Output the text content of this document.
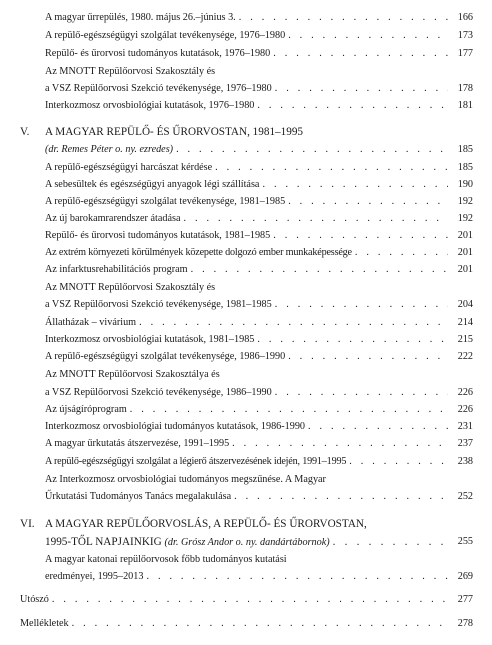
A magyar űrrepülés, 1980. május 26.–június 3. . . .	166
A repülő-egészségügyi szolgálat tevékenysége, 1976–1980 . . .	173
Repülő- és űrorvosi tudományos kutatások, 1976–1980 . . .	177
Az MNOTT Repülőorvosi Szakosztály és
a VSZ Repülőorvosi Szekció tevékenysége, 1976–1980 . . .	178
Interkozmosz orvosbiológiai kutatások, 1976–1980 . . .	181
V. A MAGYAR REPÜLŐ- ÉS ŰRORVOSTAN, 1981–1995
(dr. Remes Péter o. ny. ezredes) . . .	185
A repülő-egészségügyi harcászat kérdése . . .	185
A sebesültek és egészségügyi anyagok légi szállítása . . .	190
A repülő-egészségügyi szolgálat tevékenysége, 1981–1985 . . .	192
Az új barokamrarendszer átadása . . .	192
Repülő- és űrorvosi tudományos kutatások, 1981–1985 . . .	201
Az extrém környezeti körülmények közepette dolgozó ember munkaképessége . . .	201
Az infarktusrehabilitációs program . . .	201
Az MNOTT Repülőorvosi Szakosztály és
a VSZ Repülőorvosi Szekció tevékenysége, 1981–1985 . . .	204
Állatházak – vivárium . . .	214
Interkozmosz orvosbiológiai kutatások, 1981–1985 . . .	215
A repülő-egészségügyi szolgálat tevékenysége, 1986–1990 . . .	222
Az MNOTT Repülőorvosi Szakosztálya és
a VSZ Repülőorvosi Szekció tevékenysége, 1986–1990 . . .	226
Az újságíróprogram . . .	226
Interkozmosz orvosbiológiai tudományos kutatások, 1986-1990 . . .	231
A magyar űrkutatás átszervezése, 1991–1995 . . .	237
A repülő-egészségügyi szolgálat a légierő átszervezésének idején, 1991–1995 . . .	238
Az Interkozmosz orvosbiológiai tudományos megszűnése. A Magyar
Űrkutatási Tudományos Tanács megalakulása . . .	252
VI. A MAGYAR REPÜLŐORVOSLÁS, A REPÜLŐ- ÉS ŰRORVOSTAN,
1995-TŐL NAPJAINKIG (dr. Grósz Andor o. ny. dandártábornok) . . .	255
A magyar katonai repülőorvosok főbb tudományos kutatási
eredményei, 1995–2013 . . .	269
Utószó . . .	277
Mellékletek . . .	278
